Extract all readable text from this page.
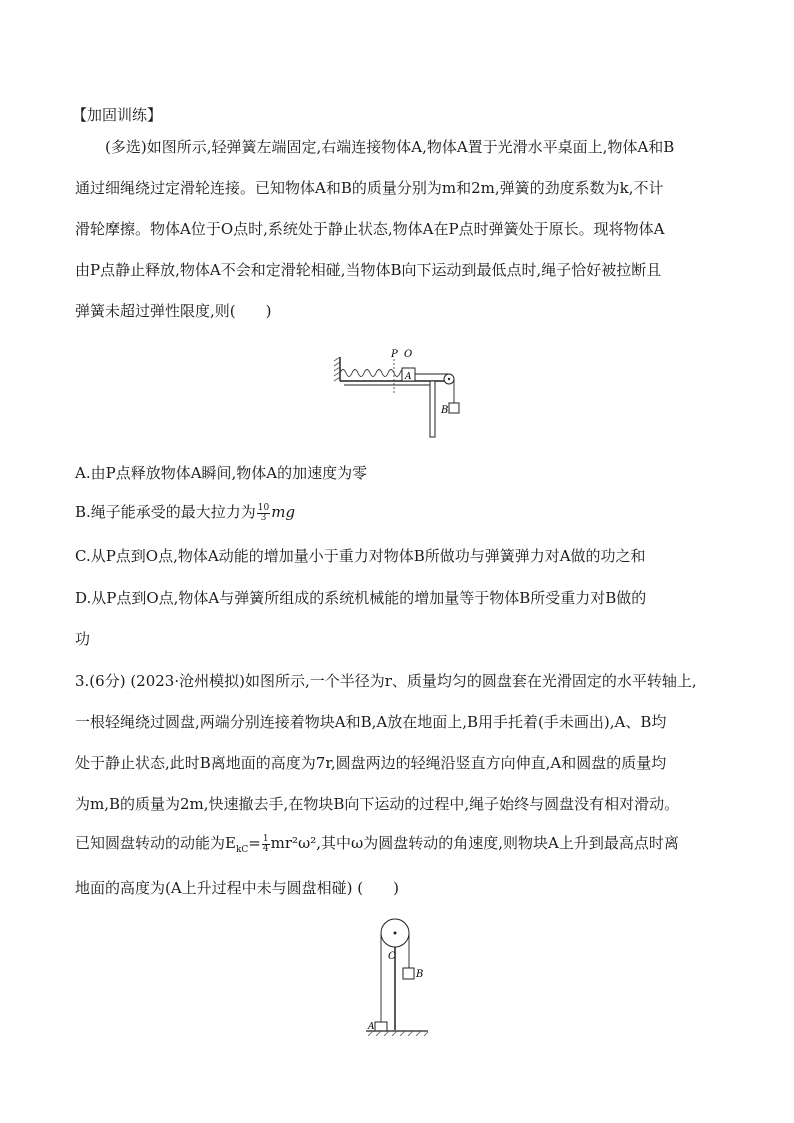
【加固训练】

(多选)如图所示,轻弹簧左端固定,右端连接物体A,物体A置于光滑水平桌面上,物体A和B

通过细绳绕过定滑轮连接。已知物体A和B的质量分别为m和2m,弹簧的劲度系数为k,不计

滑轮摩擦。物体A位于O点时,系统处于静止状态,物体A在P点时弹簧处于原长。现将物体A

由P点静止释放,物体A不会和定滑轮相碰,当物体B向下运动到最低点时,绳子恰好被拉断且

弹簧未超过弹性限度,则(　　)

P O
A
B
A.由P点释放物体A瞬间,物体A的加速度为零
B.绳子能承受的最大拉力为 $\frac{10}{3}$ mg
C.从P点到O点,物体A动能的增加量小于重力对物体B所做功与弹簧弹力对A做的功之和
D.从P点到O点,物体A与弹簧所组成的系统机械能的增加量等于物体B所受重力对B做的
功
3.(6分) (2023·沧州模拟)如图所示,一个半径为r、质量均匀的圆盘套在光滑固定的水平转轴上,
一根轻绳绕过圆盘,两端分别连接着物块A和B,A放在地面上,B用手托着(手未画出),A、B均
处于静止状态,此时B离地面的高度为7r,圆盘两边的轻绳沿竖直方向伸直,A和圆盘的质量均
为m,B的质量为2m,快速撤去手,在物块B向下运动的过程中,绳子始终与圆盘没有相对滑动。
已知圆盘转动的动能为$E_{kC}= \frac{1}{4} mr^2\omega^2$,其中ω为圆盘转动的角速度,则物块A上升到最高点时离
地面的高度为(A上升过程中未与圆盘相碰) (　　)
C
B
A
